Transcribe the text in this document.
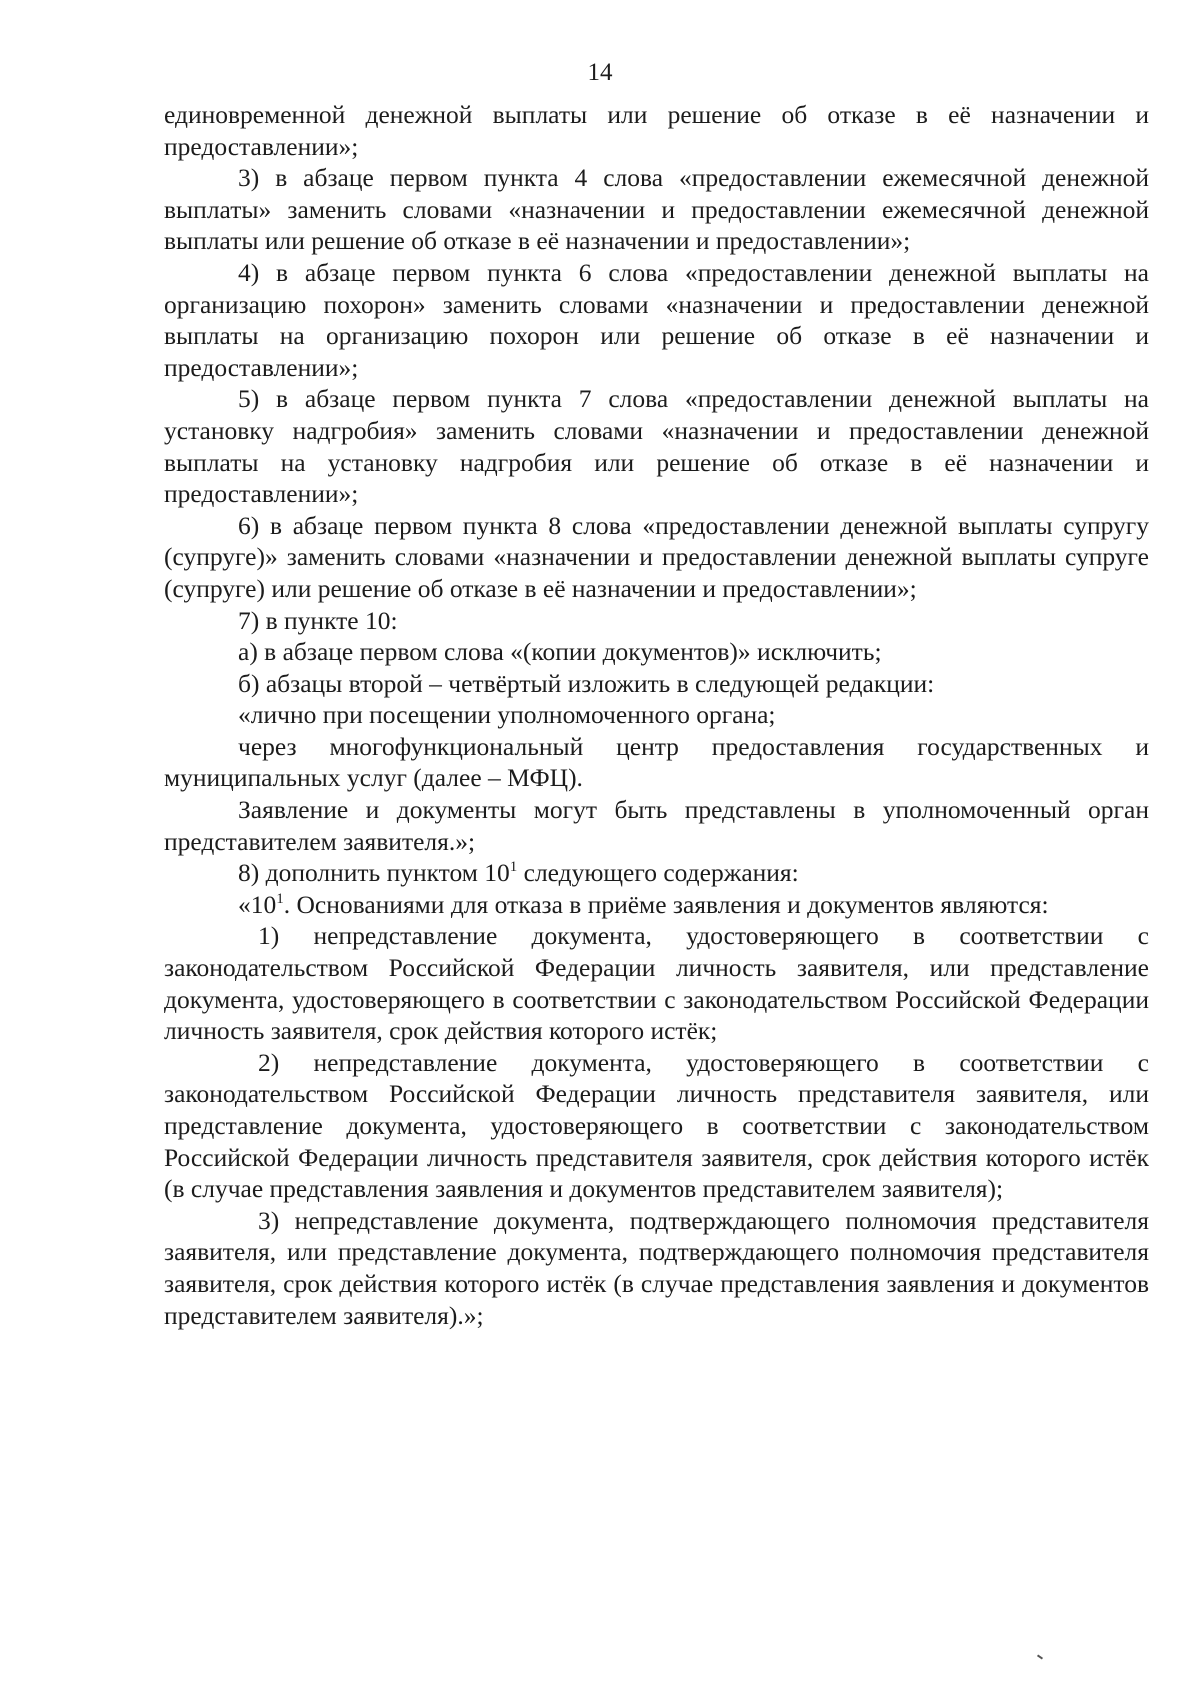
14

единовременной денежной выплаты или решение об отказе в её назначении и предоставлении»;

3) в абзаце первом пункта 4 слова «предоставлении ежемесячной денежной выплаты» заменить словами «назначении и предоставлении ежемесячной денежной выплаты или решение об отказе в её назначении и предоставлении»;

4) в абзаце первом пункта 6 слова «предоставлении денежной выплаты на организацию похорон» заменить словами «назначении и предоставлении денежной выплаты на организацию похорон или решение об отказе в её назначении и предоставлении»;

5) в абзаце первом пункта 7 слова «предоставлении денежной выплаты на установку надгробия» заменить словами «назначении и предоставлении денежной выплаты на установку надгробия или решение об отказе в её назначении и предоставлении»;

6) в абзаце первом пункта 8 слова «предоставлении денежной выплаты супругу (супруге)» заменить словами «назначении и предоставлении денежной выплаты супруге (супруге) или решение об отказе в её назначении и предоставлении»;

7) в пункте 10:

а) в абзаце первом слова «(копии документов)» исключить;

б) абзацы второй – четвёртый изложить в следующей редакции:

«лично при посещении уполномоченного органа;

через многофункциональный центр предоставления государственных и муниципальных услуг (далее – МФЦ).

Заявление и документы могут быть представлены в уполномоченный орган представителем заявителя.»;

8) дополнить пунктом $10^1$ следующего содержания:

«$10^1$. Основаниями для отказа в приёме заявления и документов являются:

1) непредставление документа, удостоверяющего в соответствии с законодательством Российской Федерации личность заявителя, или представление документа, удостоверяющего в соответствии с законодательством Российской Федерации личность заявителя, срок действия которого истёк;

2) непредставление документа, удостоверяющего в соответствии с законодательством Российской Федерации личность представителя заявителя, или представление документа, удостоверяющего в соответствии с законодательством Российской Федерации личность представителя заявителя, срок действия которого истёк (в случае представления заявления и документов представителем заявителя);

3) непредставление документа, подтверждающего полномочия представителя заявителя, или представление документа, подтверждающего полномочия представителя заявителя, срок действия которого истёк (в случае представления заявления и документов представителем заявителя).»;
